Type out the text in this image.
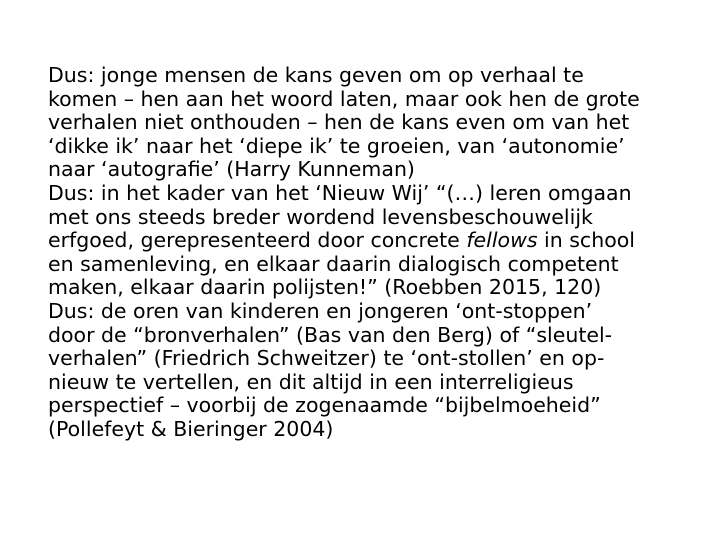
Dus: jonge mensen de kans geven om op verhaal te
komen – hen aan het woord laten, maar ook hen de grote
verhalen niet onthouden – hen de kans even om van het
‘dikke ik’ naar het ‘diepe ik’ te groeien, van ‘autonomie’
naar ‘autografie’ (Harry Kunneman)
Dus: in het kader van het ‘Nieuw Wij’ “(…) leren omgaan
met ons steeds breder wordend levensbeschouwelijk
erfgoed, gerepresenteerd door concrete fellows in school
en samenleving, en elkaar daarin dialogisch competent
maken, elkaar daarin polijsten!” (Roebben 2015, 120)
Dus: de oren van kinderen en jongeren ‘ont-stoppen’
door de “bronverhalen” (Bas van den Berg) of “sleutel-
verhalen” (Friedrich Schweitzer) te ‘ont-stollen’ en op-
nieuw te vertellen, en dit altijd in een interreligieus
perspectief – voorbij de zogenaamde “bijbelmoeheid”
(Pollefeyt & Bieringer 2004)
